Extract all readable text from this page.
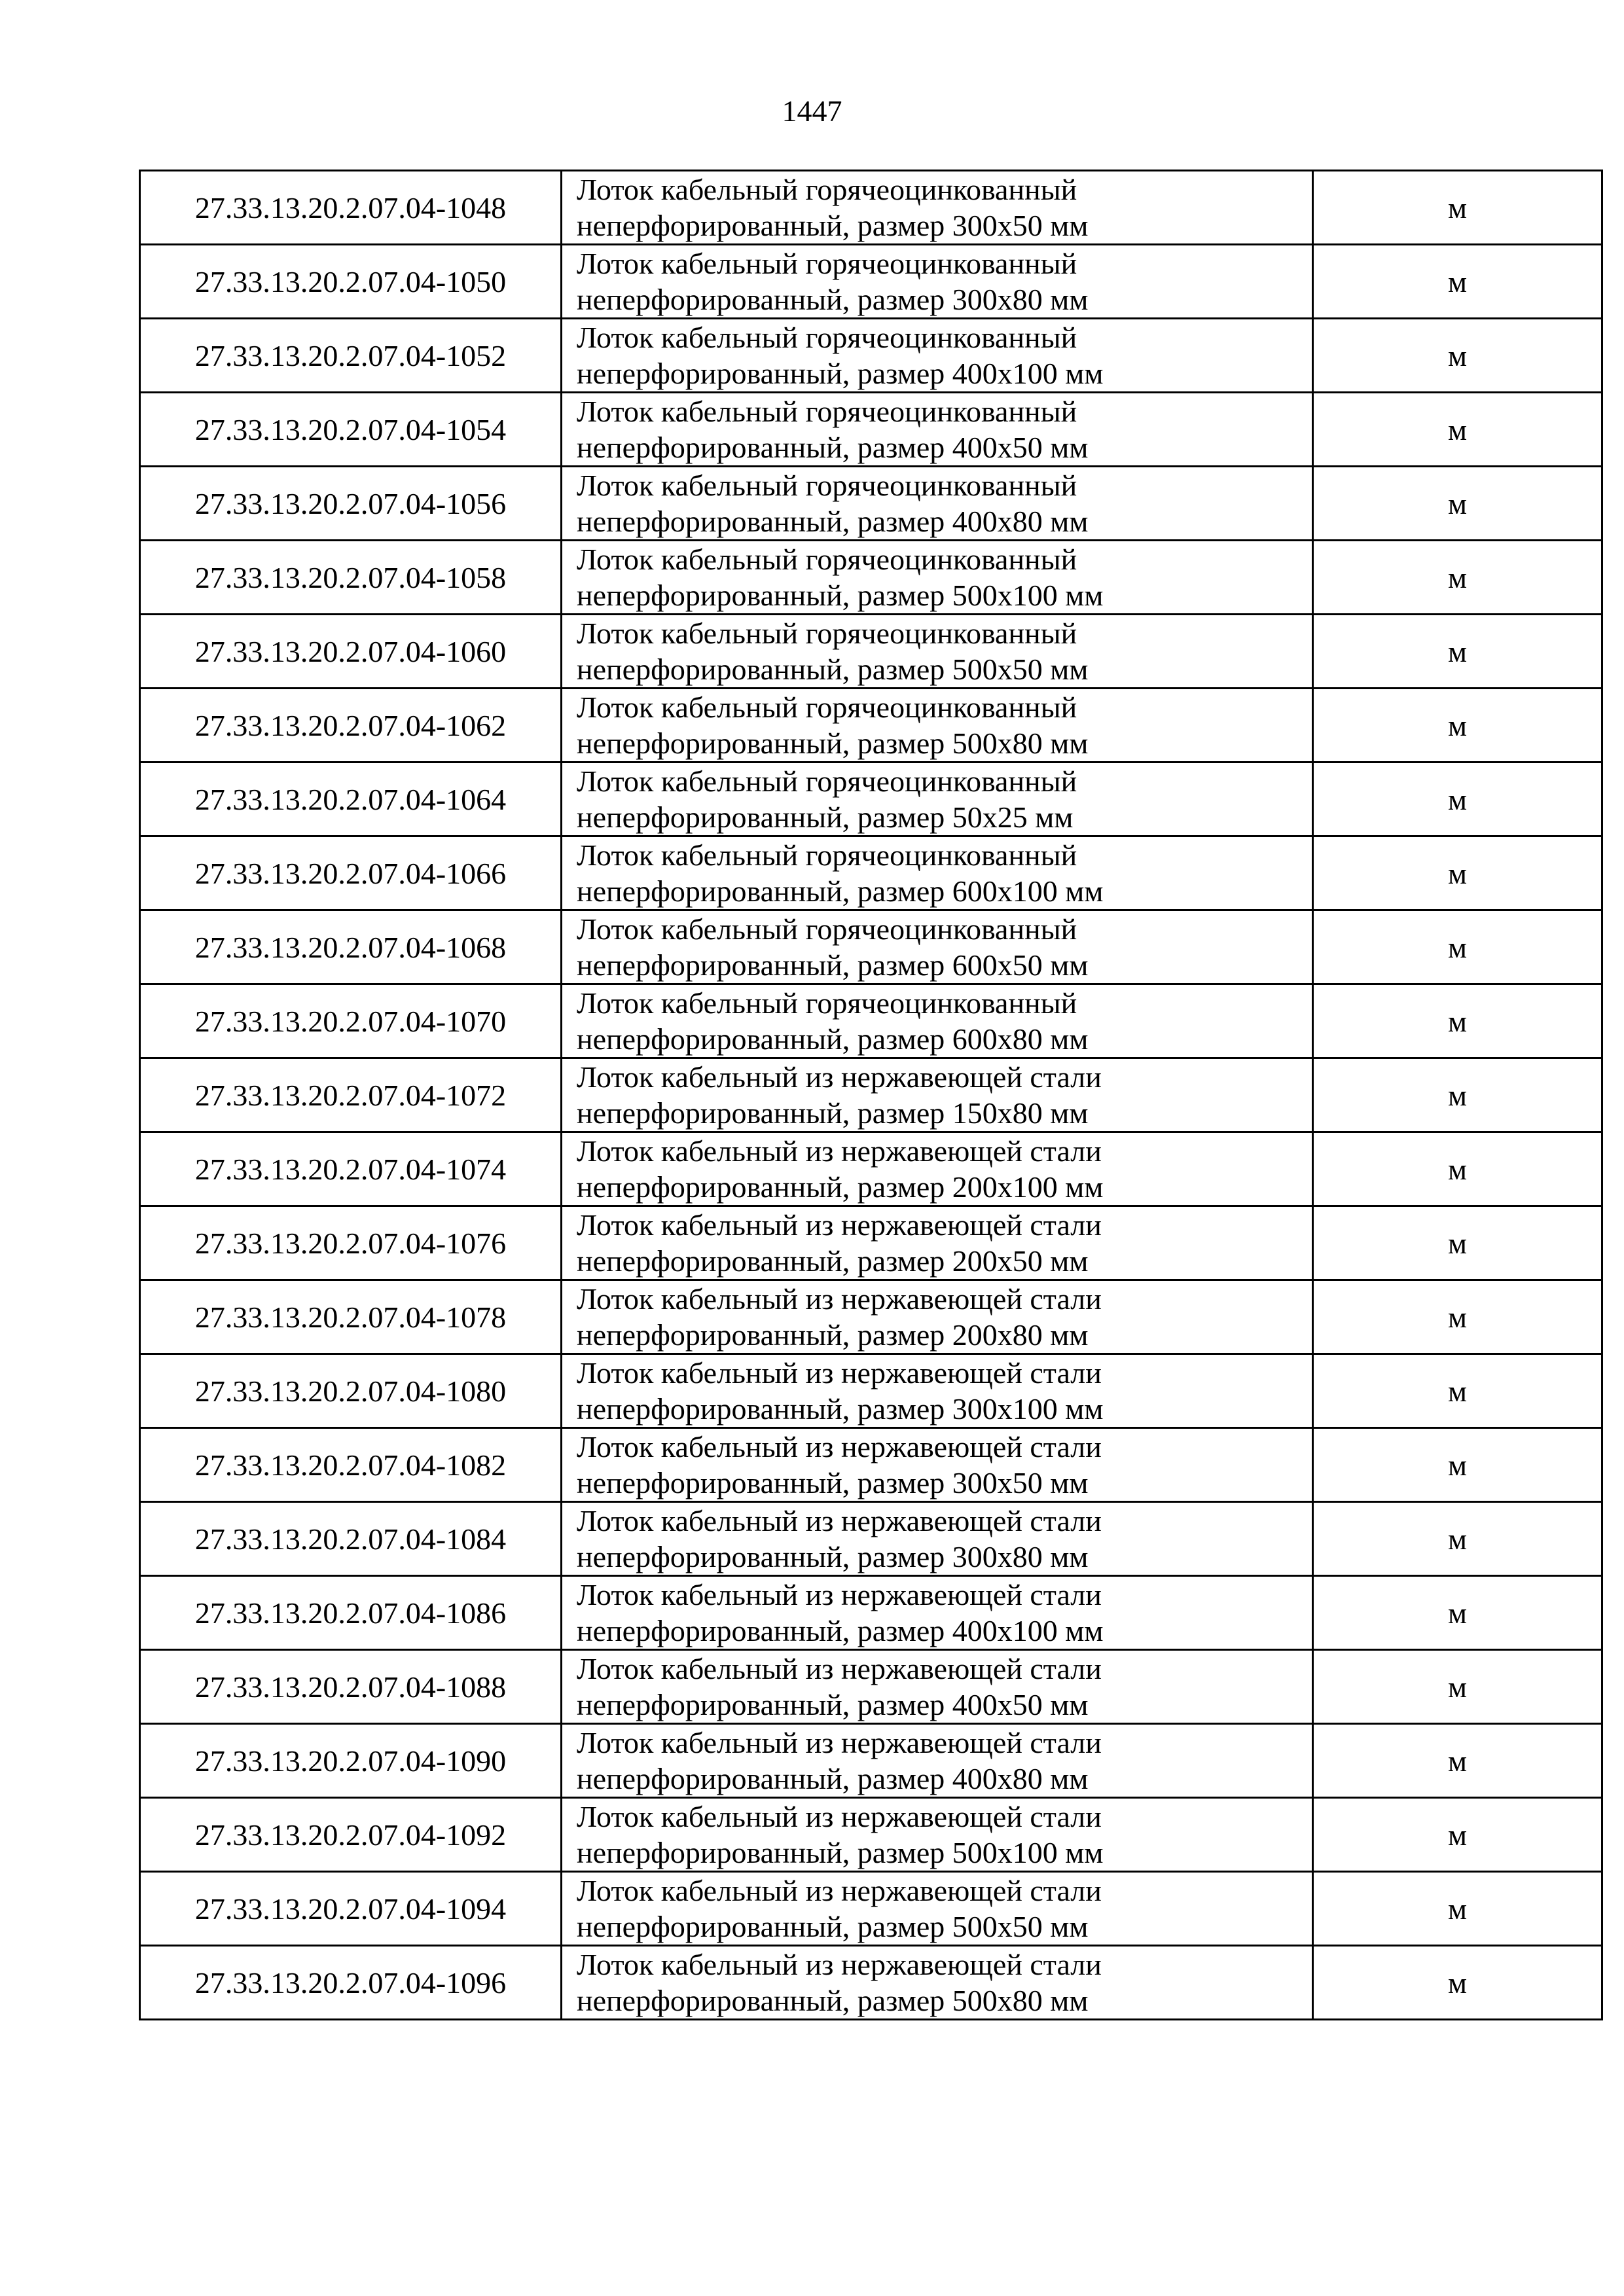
1447
27.33.13.20.2.07.04-1048	Лоток кабельный горячеоцинкованный
неперфорированный, размер 300x50 мм	м
27.33.13.20.2.07.04-1050	Лоток кабельный горячеоцинкованный
неперфорированный, размер 300x80 мм	м
27.33.13.20.2.07.04-1052	Лоток кабельный горячеоцинкованный
неперфорированный, размер 400x100 мм	м
27.33.13.20.2.07.04-1054	Лоток кабельный горячеоцинкованный
неперфорированный, размер 400x50 мм	м
27.33.13.20.2.07.04-1056	Лоток кабельный горячеоцинкованный
неперфорированный, размер 400x80 мм	м
27.33.13.20.2.07.04-1058	Лоток кабельный горячеоцинкованный
неперфорированный, размер 500x100 мм	м
27.33.13.20.2.07.04-1060	Лоток кабельный горячеоцинкованный
неперфорированный, размер 500x50 мм	м
27.33.13.20.2.07.04-1062	Лоток кабельный горячеоцинкованный
неперфорированный, размер 500x80 мм	м
27.33.13.20.2.07.04-1064	Лоток кабельный горячеоцинкованный
неперфорированный, размер 50x25 мм	м
27.33.13.20.2.07.04-1066	Лоток кабельный горячеоцинкованный
неперфорированный, размер 600x100 мм	м
27.33.13.20.2.07.04-1068	Лоток кабельный горячеоцинкованный
неперфорированный, размер 600x50 мм	м
27.33.13.20.2.07.04-1070	Лоток кабельный горячеоцинкованный
неперфорированный, размер 600x80 мм	м
27.33.13.20.2.07.04-1072	Лоток кабельный из нержавеющей стали
неперфорированный, размер 150x80 мм	м
27.33.13.20.2.07.04-1074	Лоток кабельный из нержавеющей стали
неперфорированный, размер 200x100 мм	м
27.33.13.20.2.07.04-1076	Лоток кабельный из нержавеющей стали
неперфорированный, размер 200x50 мм	м
27.33.13.20.2.07.04-1078	Лоток кабельный из нержавеющей стали
неперфорированный, размер 200x80 мм	м
27.33.13.20.2.07.04-1080	Лоток кабельный из нержавеющей стали
неперфорированный, размер 300x100 мм	м
27.33.13.20.2.07.04-1082	Лоток кабельный из нержавеющей стали
неперфорированный, размер 300x50 мм	м
27.33.13.20.2.07.04-1084	Лоток кабельный из нержавеющей стали
неперфорированный, размер 300x80 мм	м
27.33.13.20.2.07.04-1086	Лоток кабельный из нержавеющей стали
неперфорированный, размер 400x100 мм	м
27.33.13.20.2.07.04-1088	Лоток кабельный из нержавеющей стали
неперфорированный, размер 400x50 мм	м
27.33.13.20.2.07.04-1090	Лоток кабельный из нержавеющей стали
неперфорированный, размер 400x80 мм	м
27.33.13.20.2.07.04-1092	Лоток кабельный из нержавеющей стали
неперфорированный, размер 500x100 мм	м
27.33.13.20.2.07.04-1094	Лоток кабельный из нержавеющей стали
неперфорированный, размер 500x50 мм	м
27.33.13.20.2.07.04-1096	Лоток кабельный из нержавеющей стали
неперфорированный, размер 500x80 мм	м
